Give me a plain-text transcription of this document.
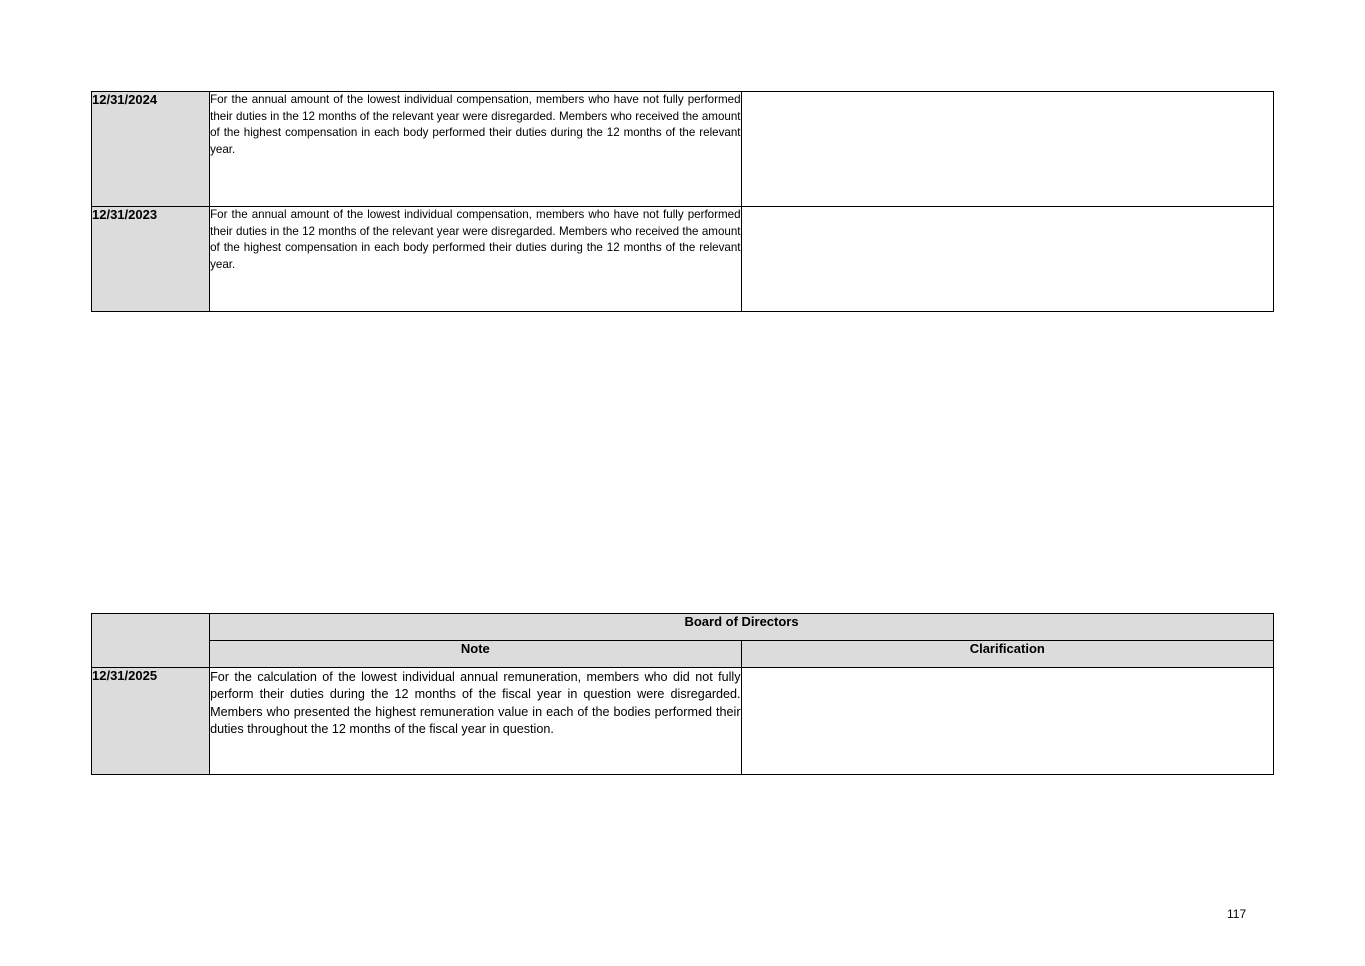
12/31/2024	For the annual amount of the lowest individual compensation, members who have not fully performed their duties in the 12 months of the relevant year were disregarded. Members who received the amount of the highest compensation in each body performed their duties during the 12 months of the relevant year.	
12/31/2023	For the annual amount of the lowest individual compensation, members who have not fully performed their duties in the 12 months of the relevant year were disregarded. Members who received the amount of the highest compensation in each body performed their duties during the 12 months of the relevant year.	
	Board of Directors	
	Note	Clarification
12/31/2025	For the calculation of the lowest individual annual remuneration, members who did not fully perform their duties during the 12 months of the fiscal year in question were disregarded. Members who presented the highest remuneration value in each of the bodies performed their duties throughout the 12 months of the fiscal year in question.	
117
